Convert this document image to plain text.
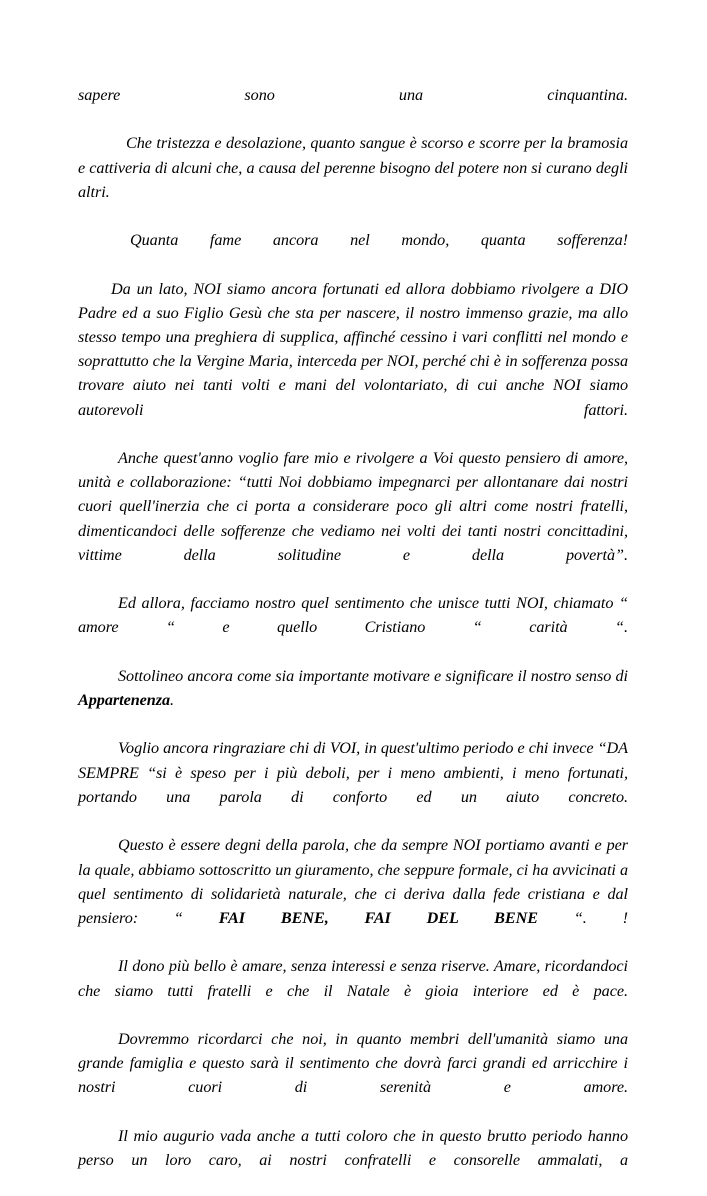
sapere sono una cinquantina.

Che tristezza e desolazione, quanto sangue è scorso e scorre per la bramosia e cattiveria di alcuni che, a causa del perenne bisogno del potere non si curano degli altri.

Quanta fame ancora nel mondo, quanta sofferenza!

Da un lato, NOI siamo ancora fortunati ed allora dobbiamo rivolgere a DIO Padre ed a suo Figlio Gesù che sta per nascere, il nostro immenso grazie, ma allo stesso tempo una preghiera di supplica, affinché cessino i vari conflitti nel mondo e soprattutto che la Vergine Maria, interceda per NOI, perché chi è in sofferenza possa trovare aiuto nei tanti volti e mani del volontariato, di cui anche NOI siamo autorevoli fattori.

Anche quest'anno voglio fare mio e rivolgere a Voi questo pensiero di amore, unità e collaborazione: “tutti Noi dobbiamo impegnarci per allontanare dai nostri cuori quell'inerzia che ci porta a considerare poco gli altri come nostri fratelli, dimenticandoci delle sofferenze che vediamo nei volti dei tanti nostri concittadini, vittime della solitudine e della povertà”.

Ed allora, facciamo nostro quel sentimento che unisce tutti NOI, chiamato “ amore “ e quello Cristiano “ carità “.

Sottolineo ancora come sia importante motivare e significare il nostro senso di Appartenenza.

Voglio ancora ringraziare chi di VOI, in quest'ultimo periodo e chi invece “DA SEMPRE “si è speso per i più deboli, per i meno ambienti, i meno fortunati, portando una parola di conforto ed un aiuto concreto.

Questo è essere degni della parola, che da sempre NOI portiamo avanti e per la quale, abbiamo sottoscritto un giuramento, che seppure formale, ci ha avvicinati a quel sentimento di solidarietà naturale, che ci deriva dalla fede cristiana e dal pensiero: “ FAI BENE, FAI DEL BENE “. !

Il dono più bello è amare, senza interessi e senza riserve. Amare, ricordandoci che siamo tutti fratelli e che il Natale è gioia interiore ed è pace.

Dovremmo ricordarci che noi, in quanto membri dell'umanità siamo una grande famiglia e questo sarà il sentimento che dovrà farci grandi ed arricchire i nostri cuori di serenità e amore.

Il mio augurio vada anche a tutti coloro che in questo brutto periodo hanno perso un loro caro, ai nostri confratelli e consorelle ammalati, a
